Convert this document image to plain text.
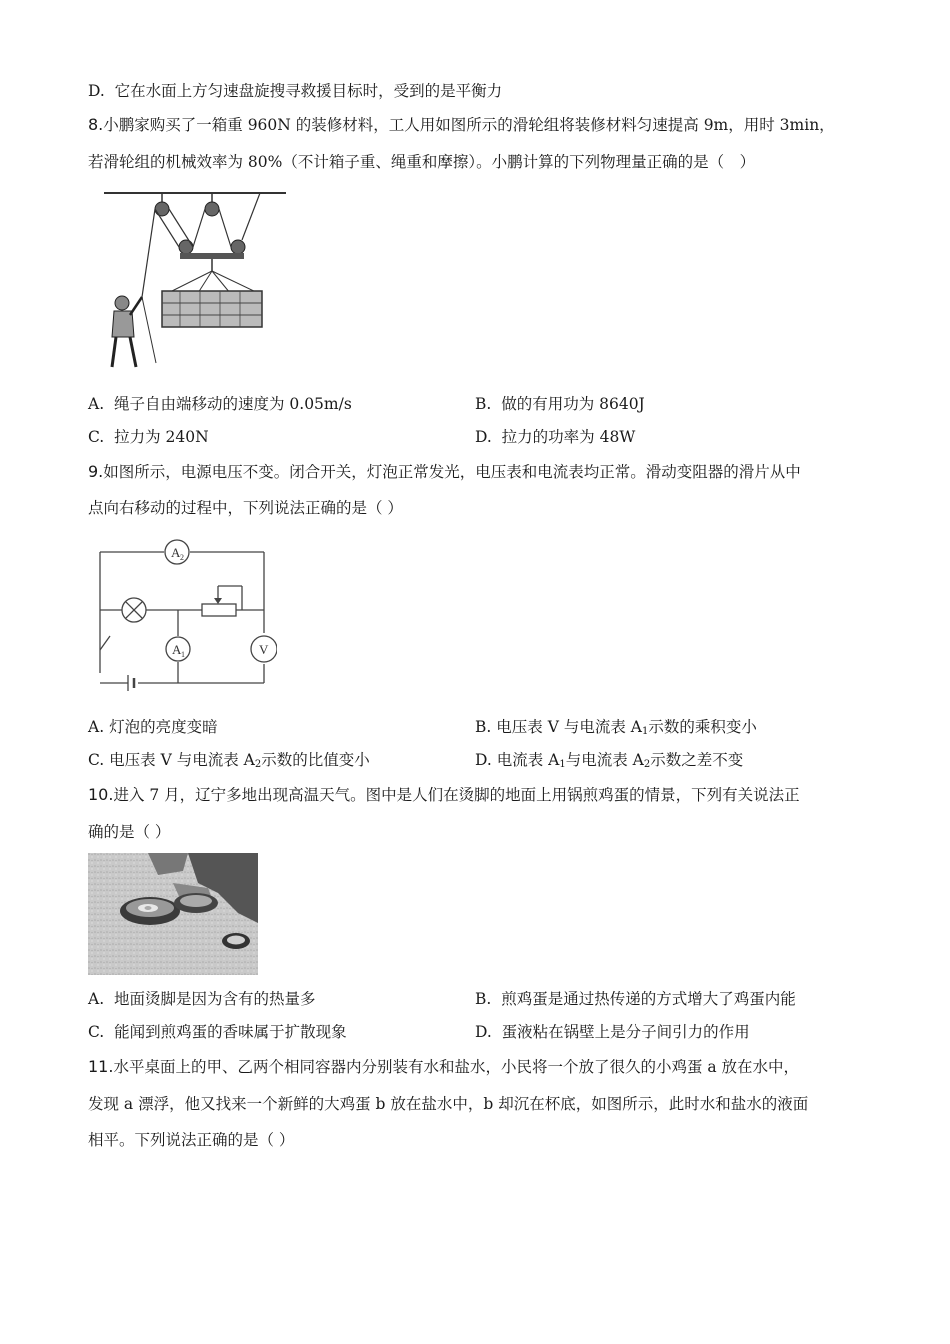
D. 它在水面上方匀速盘旋搜寻救援目标时，受到的是平衡力
8.小鹏家购买了一箱重 960N 的装修材料，工人用如图所示的滑轮组将装修材料匀速提高 9m，用时 3min，
若滑轮组的机械效率为 80%（不计箱子重、绳重和摩擦）。小鹏计算的下列物理量正确的是（　）
A. 绳子自由端移动的速度为 0.05m/s	B. 做的有用功为 8640J
C. 拉力为 240N	D. 拉力的功率为 48W
9.如图所示，电源电压不变。闭合开关，灯泡正常发光，电压表和电流表均正常。滑动变阻器的滑片从中
点向右移动的过程中，下列说法正确的是（ ）
A 2
A 1	V
A. 灯泡的亮度变暗	B. 电压表 V 与电流表 $A_1$示数的乘积变小
C. 电压表 V 与电流表 $A_2$示数的比值变小	D. 电流表 $A_1$与电流表 $A_2$示数之差不变
10.进入 7 月，辽宁多地出现高温天气。图中是人们在烫脚的地面上用锅煎鸡蛋的情景，下列有关说法正
确的是（ ）
A. 地面烫脚是因为含有的热量多	B. 煎鸡蛋是通过热传递的方式增大了鸡蛋内能
C. 能闻到煎鸡蛋的香味属于扩散现象	D. 蛋液粘在锅壁上是分子间引力的作用
11.水平桌面上的甲、乙两个相同容器内分别装有水和盐水，小民将一个放了很久的小鸡蛋 a 放在水中，
发现 a 漂浮，他又找来一个新鲜的大鸡蛋 b 放在盐水中，b 却沉在杯底，如图所示，此时水和盐水的液面
相平。下列说法正确的是（ ）
